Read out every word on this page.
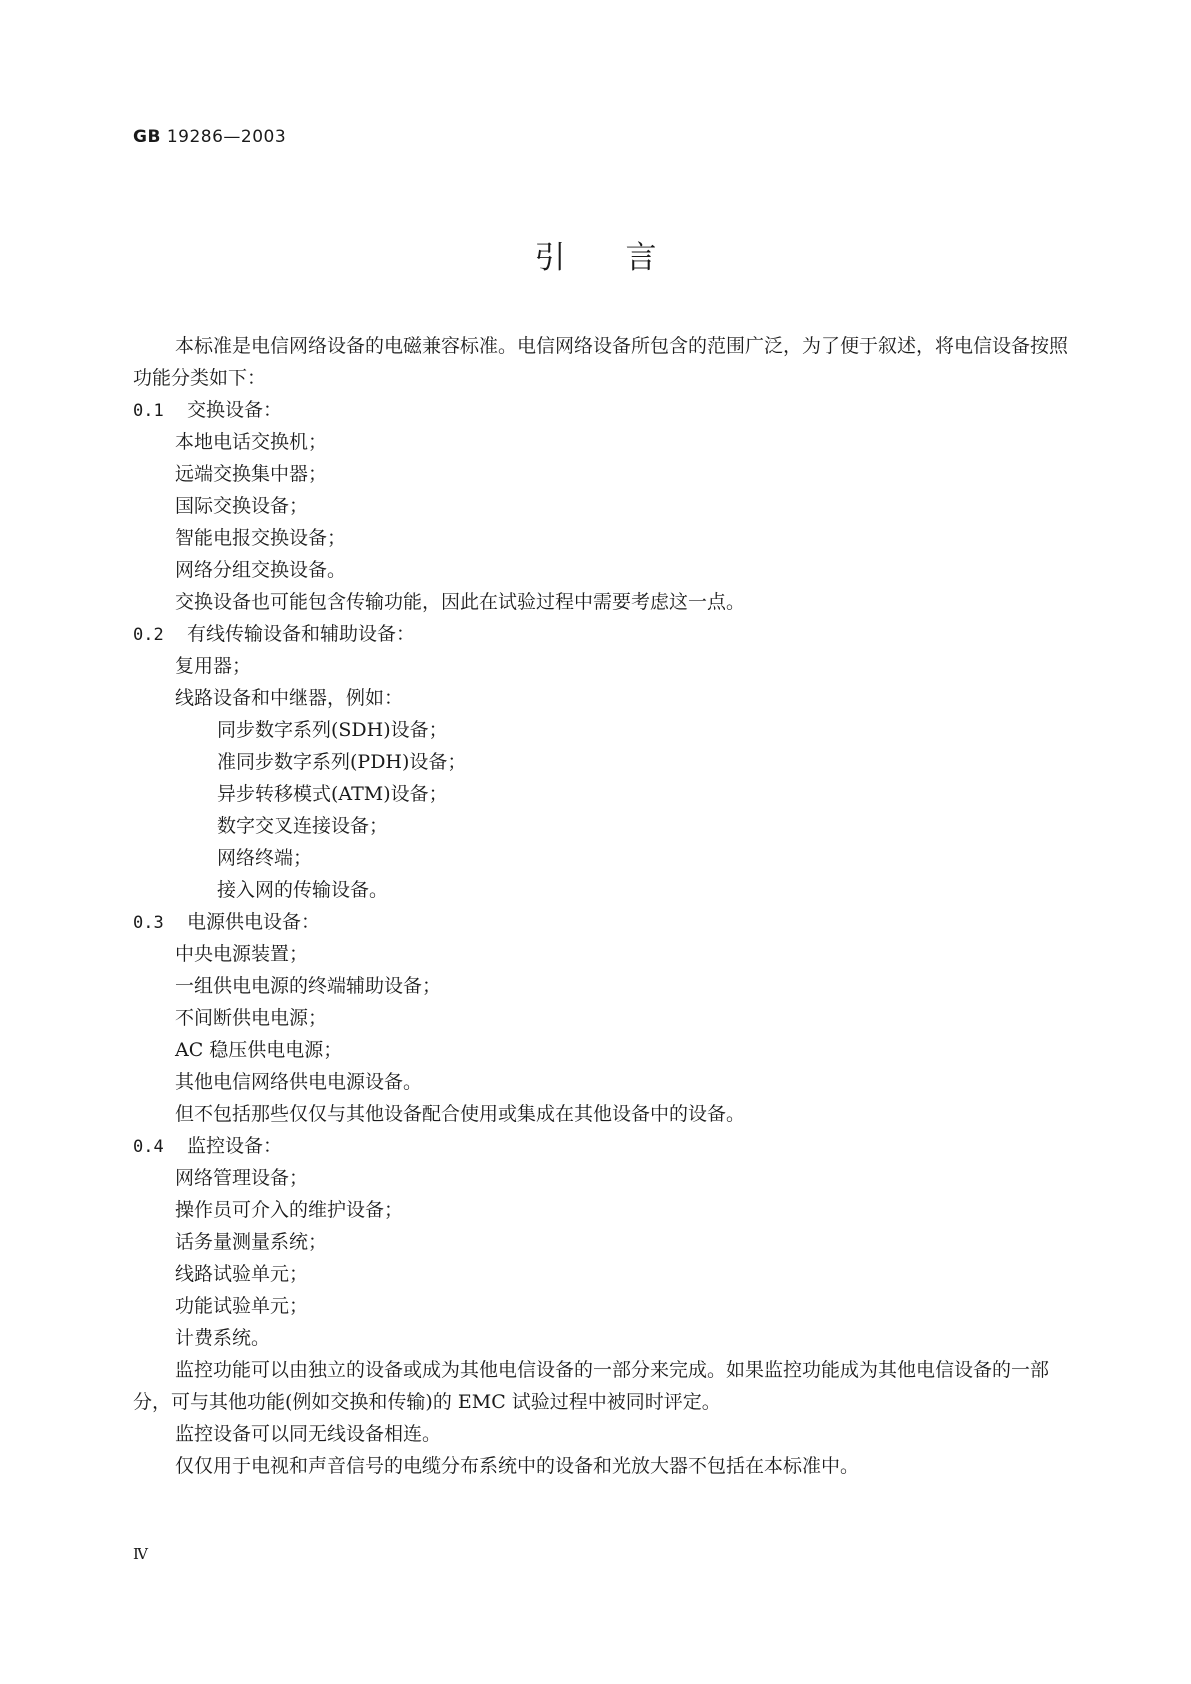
GB 19286—2003
引 言

本标准是电信网络设备的电磁兼容标准。电信网络设备所包含的范围广泛，为了便于叙述，将电信设备按照功能分类如下：

0.1 交换设备：
本地电话交换机；
远端交换集中器；
国际交换设备；
智能电报交换设备；
网络分组交换设备。
交换设备也可能包含传输功能，因此在试验过程中需要考虑这一点。
0.2 有线传输设备和辅助设备：
复用器；
线路设备和中继器，例如：
同步数字系列(SDH)设备；
准同步数字系列(PDH)设备；
异步转移模式(ATM)设备；
数字交叉连接设备；
网络终端；
接入网的传输设备。
0.3 电源供电设备：
中央电源装置；
一组供电电源的终端辅助设备；
不间断供电电源；
AC 稳压供电电源；
其他电信网络供电电源设备。
但不包括那些仅仅与其他设备配合使用或集成在其他设备中的设备。
0.4 监控设备：
网络管理设备；
操作员可介入的维护设备；
话务量测量系统；
线路试验单元；
功能试验单元；
计费系统。

监控功能可以由独立的设备或成为其他电信设备的一部分来完成。如果监控功能成为其他电信设备的一部分，可与其他功能(例如交换和传输)的 EMC 试验过程中被同时评定。

监控设备可以同无线设备相连。

仅仅用于电视和声音信号的电缆分布系统中的设备和光放大器不包括在本标准中。

Ⅳ
